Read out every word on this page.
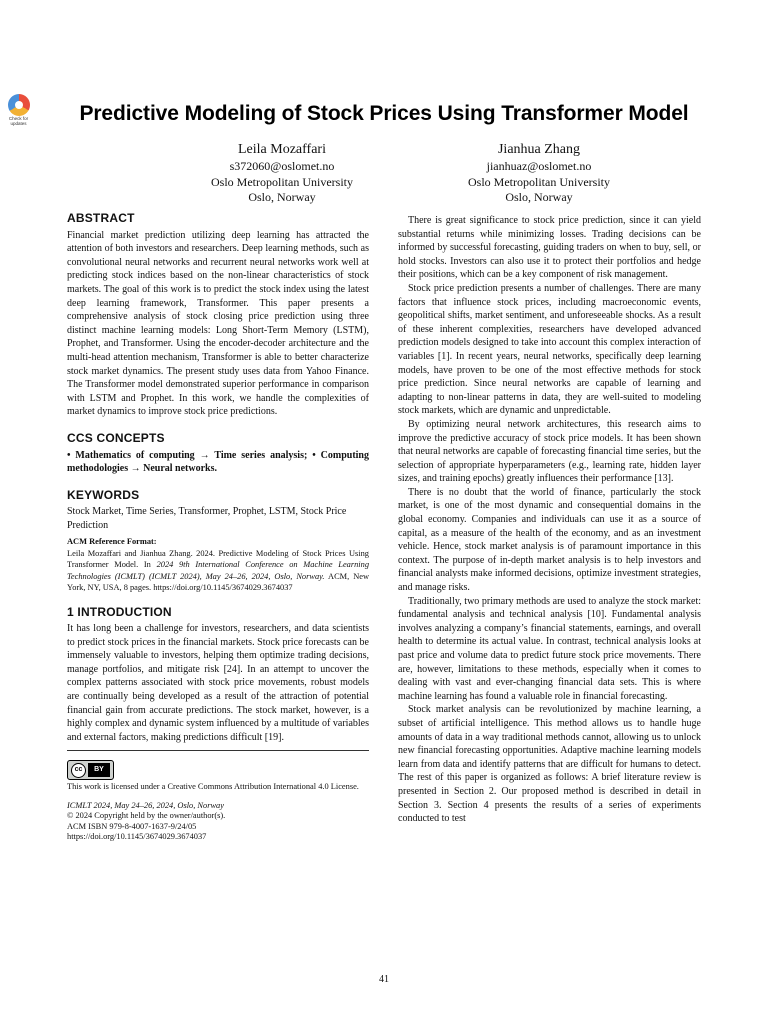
Check for updates	Predictive Modeling of Stock Prices Using Transformer Model
Leila Mozaffari
s372060@oslomet.no
Oslo Metropolitan University
Oslo, Norway
Jianhua Zhang
jianhuaz@oslomet.no
Oslo Metropolitan University
Oslo, Norway
ABSTRACT

Financial market prediction utilizing deep learning has attracted the attention of both investors and researchers. Deep learning methods, such as convolutional neural networks and recurrent neural networks work well at predicting stock indices based on the non-linear characteristics of stock markets. The goal of this work is to predict the stock index using the latest deep learning framework, Transformer. This paper presents a comprehensive analysis of stock closing price prediction using three distinct machine learning models: Long Short-Term Memory (LSTM), Prophet, and Transformer. Using the encoder-decoder architecture and the multi-head attention mechanism, Transformer is able to better characterize stock market dynamics. The present study uses data from Yahoo Finance. The Transformer model demonstrated superior performance in comparison with LSTM and Prophet. In this work, we handle the complexities of market dynamics to improve stock price predictions.

CCS CONCEPTS

• Mathematics of computing → Time series analysis; • Computing methodologies → Neural networks.

KEYWORDS

Stock Market, Time Series, Transformer, Prophet, LSTM, Stock Price Prediction

ACM Reference Format:
Leila Mozaffari and Jianhua Zhang. 2024. Predictive Modeling of Stock Prices Using Transformer Model. In 2024 9th International Conference on Machine Learning Technologies (ICMLT) (ICMLT 2024), May 24–26, 2024, Oslo, Norway. ACM, New York, NY, USA, 8 pages. https://doi.org/10.1145/3674029.3674037
1 INTRODUCTION

It has long been a challenge for investors, researchers, and data scientists to predict stock prices in the financial markets. Stock price forecasts can be immensely valuable to investors, helping them optimize trading decisions, manage portfolios, and mitigate risk [24]. In an attempt to uncover the complex patterns associated with stock price movements, robust models are continually being developed as a result of the attraction of potential financial gain from accurate predictions. The stock market, however, is a highly complex and dynamic system influenced by a multitude of variables and external factors, making predictions difficult [19].

cc	BY
This work is licensed under a Creative Commons Attribution International 4.0 License.
ICMLT 2024, May 24–26, 2024, Oslo, Norway
© 2024 Copyright held by the owner/author(s).
ACM ISBN 979-8-4007-1637-9/24/05
https://doi.org/10.1145/3674029.3674037

There is great significance to stock price prediction, since it can yield substantial returns while minimizing losses. Trading decisions can be informed by successful forecasting, guiding traders on when to buy, sell, or hold stocks. Investors can also use it to protect their portfolios and hedge their positions, which can be a key component of risk management.

Stock price prediction presents a number of challenges. There are many factors that influence stock prices, including macroeconomic events, geopolitical shifts, market sentiment, and unforeseeable shocks. As a result of these inherent complexities, researchers have developed advanced prediction models designed to take into account this complex interaction of variables [1]. In recent years, neural networks, specifically deep learning models, have proven to be one of the most effective methods for stock price prediction. Since neural networks are capable of learning and adapting to non-linear patterns in data, they are well-suited to modeling stock markets, which are dynamic and unpredictable.

By optimizing neural network architectures, this research aims to improve the predictive accuracy of stock price models. It has been shown that neural networks are capable of forecasting financial time series, but the selection of appropriate hyperparameters (e.g., learning rate, hidden layer sizes, and training epochs) greatly influences their performance [13].

There is no doubt that the world of finance, particularly the stock market, is one of the most dynamic and consequential domains in the global economy. Companies and individuals can use it as a source of capital, as a measure of the health of the economy, and as an investment vehicle. Hence, stock market analysis is of paramount importance in this context. The purpose of in-depth market analysis is to help investors and financial analysts make informed decisions, optimize investment strategies, and manage risks.

Traditionally, two primary methods are used to analyze the stock market: fundamental analysis and technical analysis [10]. Fundamental analysis involves analyzing a company’s financial statements, earnings, and overall health to determine its actual value. In contrast, technical analysis looks at past price and volume data to predict future stock price movements. There are, however, limitations to these methods, especially when it comes to dealing with vast and ever-changing financial data sets. This is where machine learning has found a valuable role in financial forecasting.

Stock market analysis can be revolutionized by machine learning, a subset of artificial intelligence. This method allows us to handle huge amounts of data in a way traditional methods cannot, allowing us to unlock new financial forecasting opportunities. Adaptive machine learning models learn from data and identify patterns that are difficult for humans to detect. The rest of this paper is organized as follows: A brief literature review is presented in Section 2. Our proposed method is described in detail in Section 3. Section 4 presents the results of a series of experiments conducted to test

41
